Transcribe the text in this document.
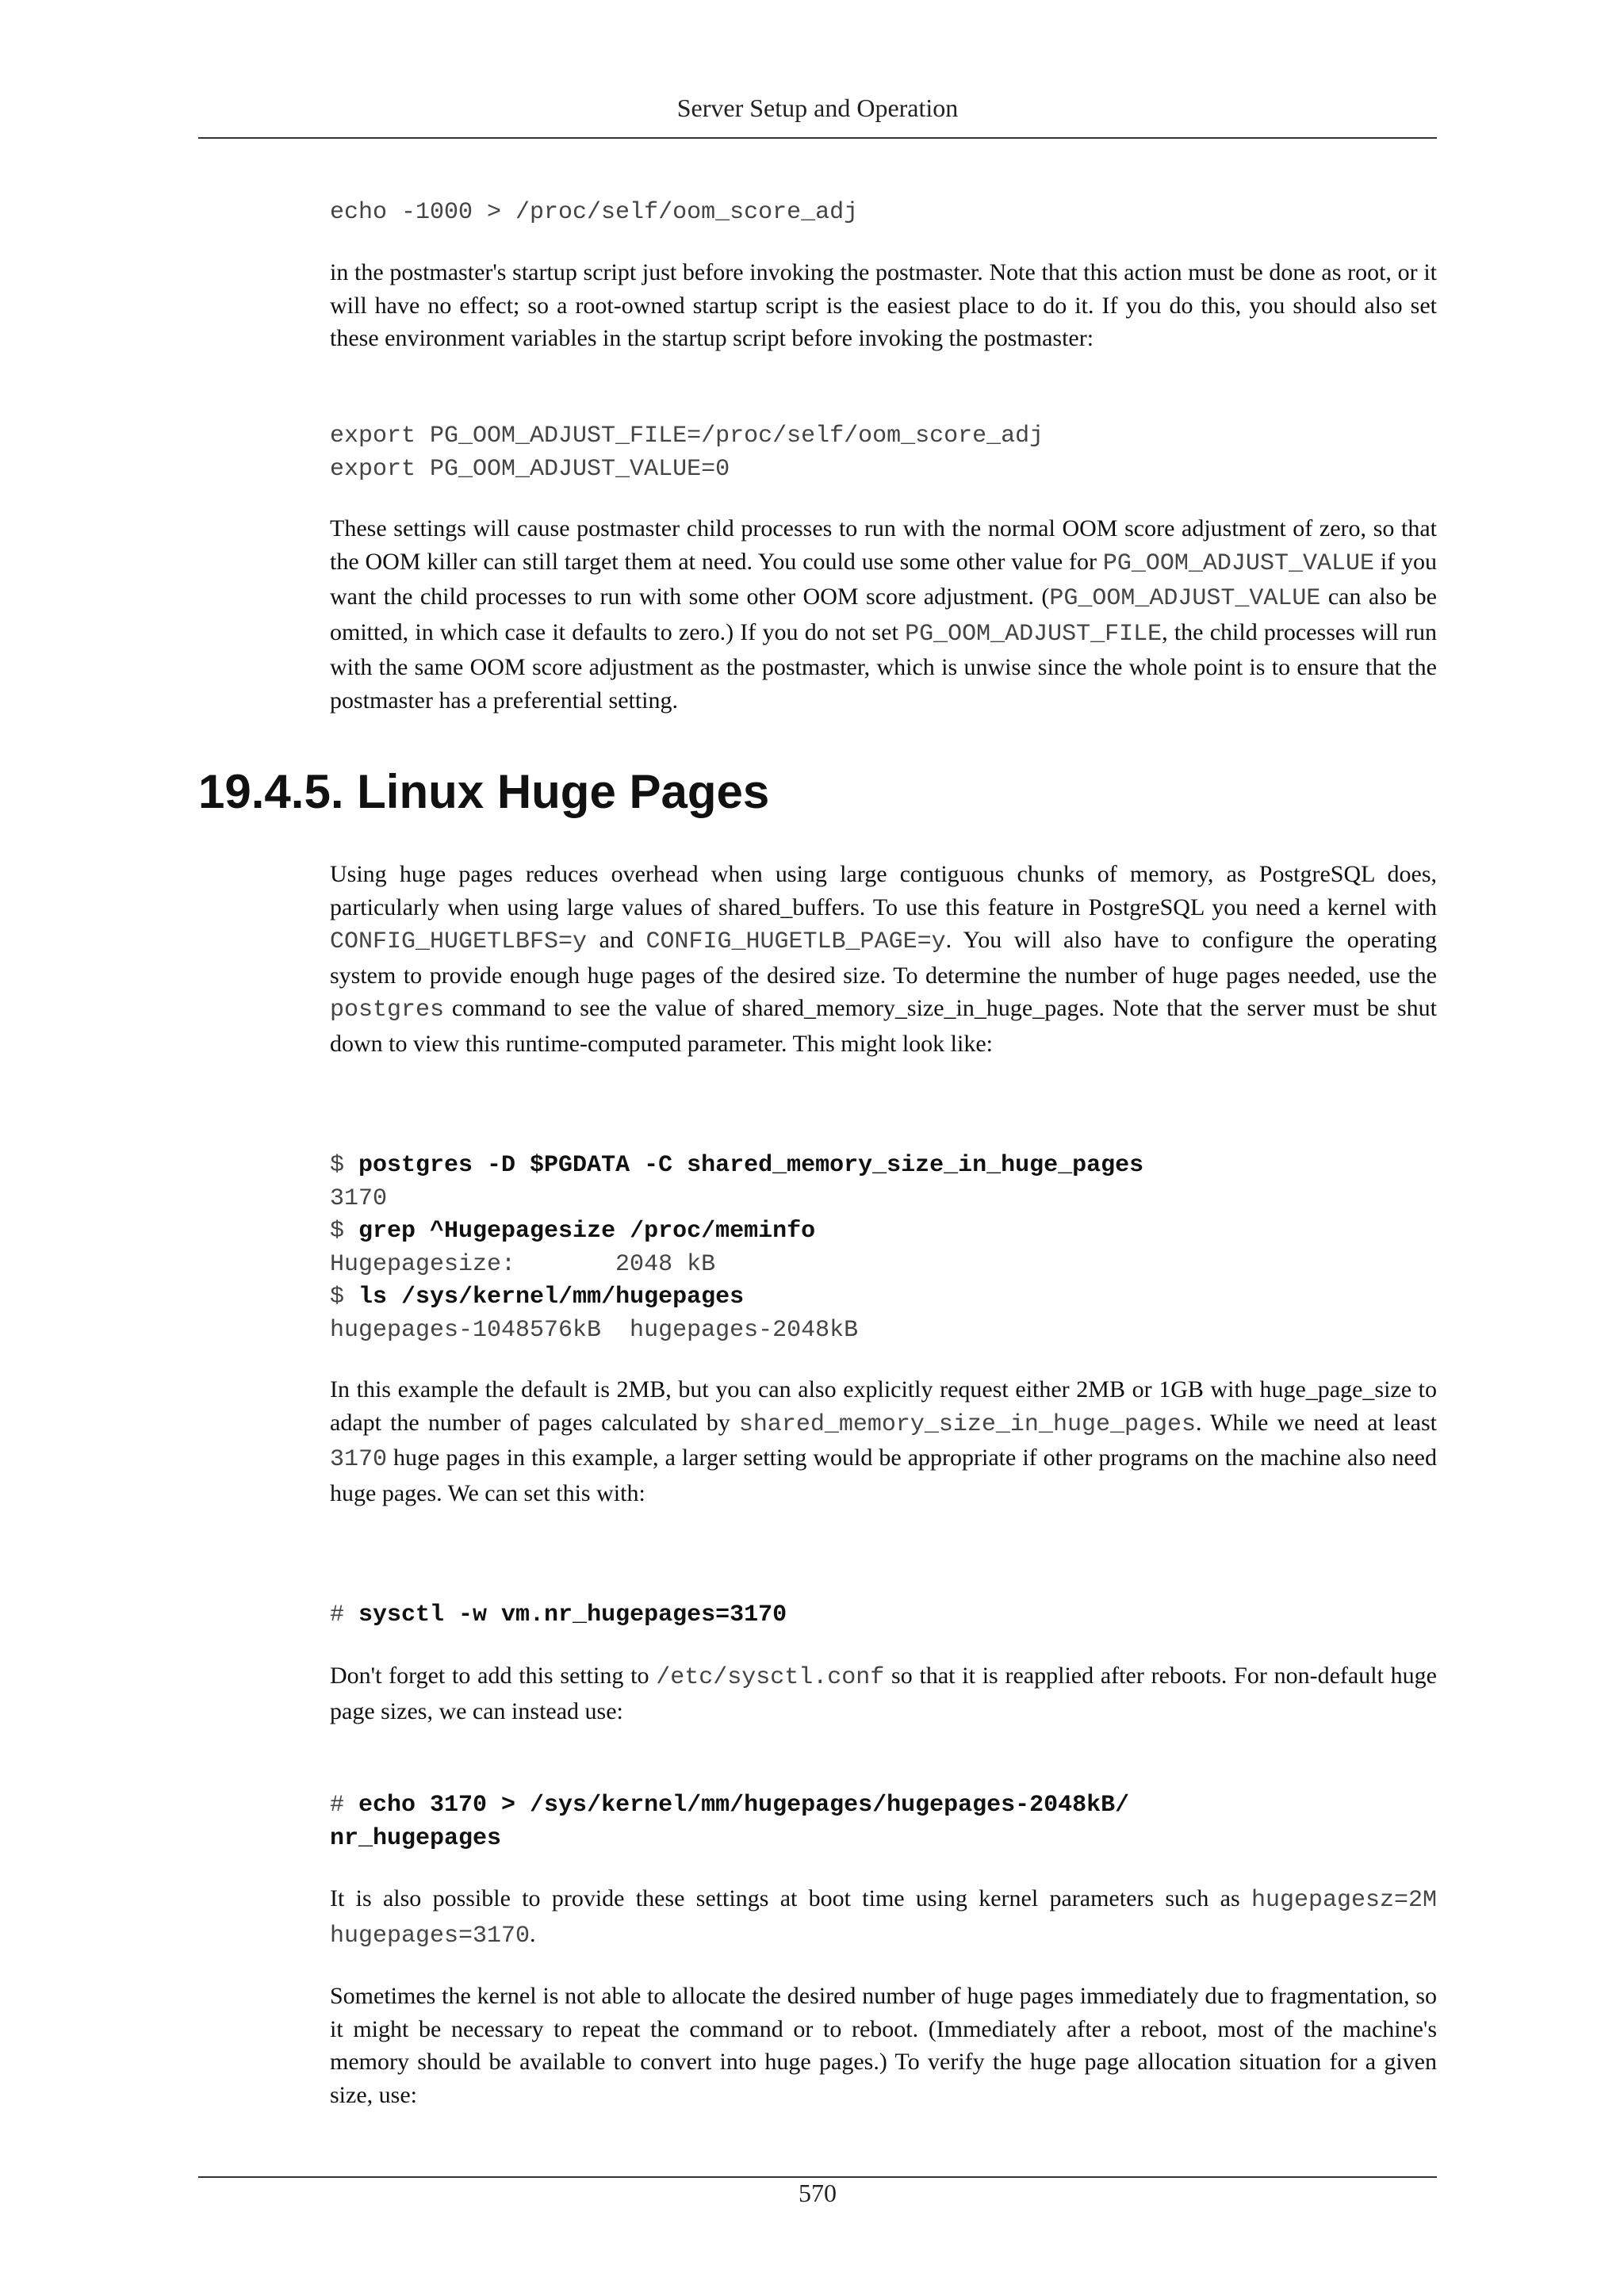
Server Setup and Operation
echo -1000 > /proc/self/oom_score_adj

in the postmaster's startup script just before invoking the postmaster. Note that this action must be done as root, or it will have no effect; so a root-owned startup script is the easiest place to do it. If you do this, you should also set these environment variables in the startup script before invoking the postmaster:

export PG_OOM_ADJUST_FILE=/proc/self/oom_score_adj
export PG_OOM_ADJUST_VALUE=0

These settings will cause postmaster child processes to run with the normal OOM score adjustment of zero, so that the OOM killer can still target them at need. You could use some other value for PG_OOM_ADJUST_VALUE if you want the child processes to run with some other OOM score adjustment. (PG_OOM_ADJUST_VALUE can also be omitted, in which case it defaults to zero.) If you do not set PG_OOM_ADJUST_FILE, the child processes will run with the same OOM score adjustment as the postmaster, which is unwise since the whole point is to ensure that the postmaster has a preferential setting.

19.4.5. Linux Huge Pages

Using huge pages reduces overhead when using large contiguous chunks of memory, as PostgreSQL does, particularly when using large values of shared_buffers. To use this feature in PostgreSQL you need a kernel with CONFIG_HUGETLBFS=y and CONFIG_HUGETLB_PAGE=y. You will also have to configure the operating system to provide enough huge pages of the desired size. To determine the number of huge pages needed, use the postgres command to see the value of shared_memory_size_in_huge_pages. Note that the server must be shut down to view this runtime-computed parameter. This might look like:

$ postgres -D $PGDATA -C shared_memory_size_in_huge_pages
3170
$ grep ^Hugepagesize /proc/meminfo
Hugepagesize:       2048 kB
$ ls /sys/kernel/mm/hugepages
hugepages-1048576kB  hugepages-2048kB

In this example the default is 2MB, but you can also explicitly request either 2MB or 1GB with huge_page_size to adapt the number of pages calculated by shared_memory_size_in_huge_pages. While we need at least 3170 huge pages in this example, a larger setting would be appropriate if other programs on the machine also need huge pages. We can set this with:

# sysctl -w vm.nr_hugepages=3170

Don't forget to add this setting to /etc/sysctl.conf so that it is reapplied after reboots. For non-default huge page sizes, we can instead use:

# echo 3170 > /sys/kernel/mm/hugepages/hugepages-2048kB/
nr_hugepages

It is also possible to provide these settings at boot time using kernel parameters such as hugepagesz=2M hugepages=3170.

Sometimes the kernel is not able to allocate the desired number of huge pages immediately due to fragmentation, so it might be necessary to repeat the command or to reboot. (Immediately after a reboot, most of the machine's memory should be available to convert into huge pages.) To verify the huge page allocation situation for a given size, use:

570
